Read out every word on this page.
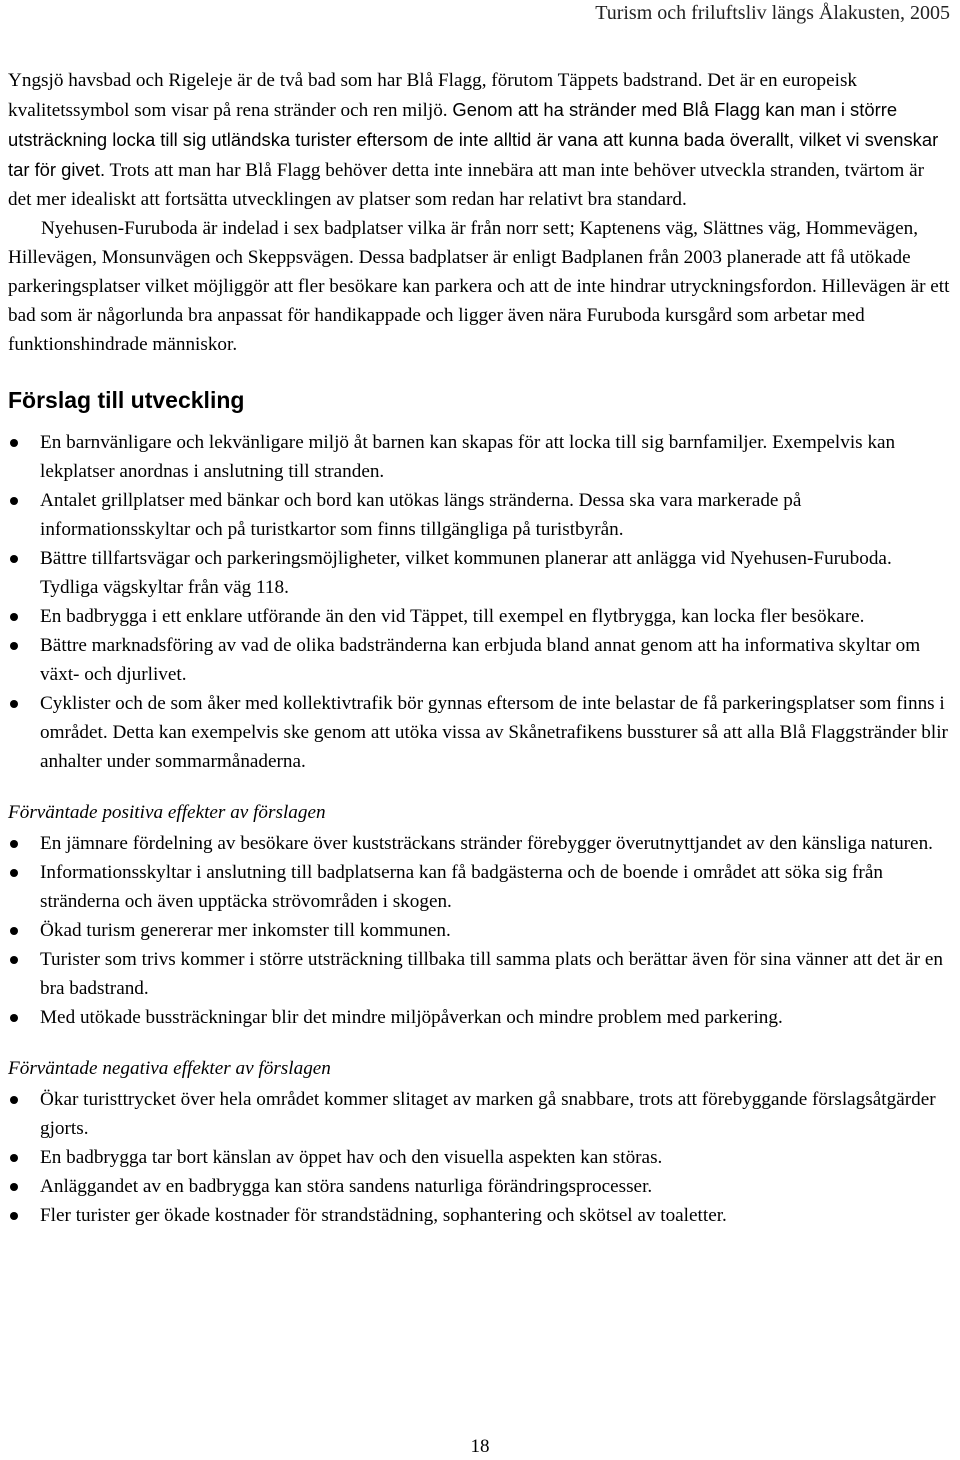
Turism och friluftsliv längs Ålakusten, 2005

Yngsjö havsbad och Rigeleje är de två bad som har Blå Flagg, förutom Täppets badstrand. Det är en europeisk kvalitetssymbol som visar på rena stränder och ren miljö. Genom att ha stränder med Blå Flagg kan man i större utsträckning locka till sig utländska turister eftersom de inte alltid är vana att kunna bada överallt, vilket vi svenskar tar för givet. Trots att man har Blå Flagg behöver detta inte innebära att man inte behöver utveckla stranden, tvärtom är det mer idealiskt att fortsätta utvecklingen av platser som redan har relativt bra standard.

Nyehusen-Furuboda är indelad i sex badplatser vilka är från norr sett; Kaptenens väg, Slättnes väg, Hommevägen, Hillevägen, Monsunvägen och Skeppsvägen. Dessa badplatser är enligt Badplanen från 2003 planerade att få utökade parkeringsplatser vilket möjliggör att fler besökare kan parkera och att de inte hindrar utryckningsfordon. Hillevägen är ett bad som är någorlunda bra anpassat för handikappade och ligger även nära Furuboda kursgård som arbetar med funktionshindrade människor.

Förslag till utveckling
En barnvänligare och lekvänligare miljö åt barnen kan skapas för att locka till sig barnfamiljer. Exempelvis kan lekplatser anordnas i anslutning till stranden.
Antalet grillplatser med bänkar och bord kan utökas längs stränderna. Dessa ska vara markerade på informationsskyltar och på turistkartor som finns tillgängliga på turistbyrån.
Bättre tillfartsvägar och parkeringsmöjligheter, vilket kommunen planerar att anlägga vid Nyehusen-Furuboda. Tydliga vägskyltar från väg 118.
En badbrygga i ett enklare utförande än den vid Täppet, till exempel en flytbrygga, kan locka fler besökare.
Bättre marknadsföring av vad de olika badstränderna kan erbjuda bland annat genom att ha informativa skyltar om växt- och djurlivet.
Cyklister och de som åker med kollektivtrafik bör gynnas eftersom de inte belastar de få parkeringsplatser som finns i området. Detta kan exempelvis ske genom att utöka vissa av Skånetrafikens bussturer så att alla Blå Flaggstränder blir anhalter under sommarmånaderna.
Förväntade positiva effekter av förslagen
En jämnare fördelning av besökare över kuststräckans stränder förebygger överutnyttjandet av den känsliga naturen.
Informationsskyltar i anslutning till badplatserna kan få badgästerna och de boende i området att söka sig från stränderna och även upptäcka strövområden i skogen.
Ökad turism genererar mer inkomster till kommunen.
Turister som trivs kommer i större utsträckning tillbaka till samma plats och berättar även för sina vänner att det är en bra badstrand.
Med utökade bussträckningar blir det mindre miljöpåverkan och mindre problem med parkering.
Förväntade negativa effekter av förslagen
Ökar turisttrycket över hela området kommer slitaget av marken gå snabbare, trots att förebyggande förslagsåtgärder gjorts.
En badbrygga tar bort känslan av öppet hav och den visuella aspekten kan störas.
Anläggandet av en badbrygga kan störa sandens naturliga förändringsprocesser.
Fler turister ger ökade kostnader för strandstädning, sophantering och skötsel av toaletter.
18
